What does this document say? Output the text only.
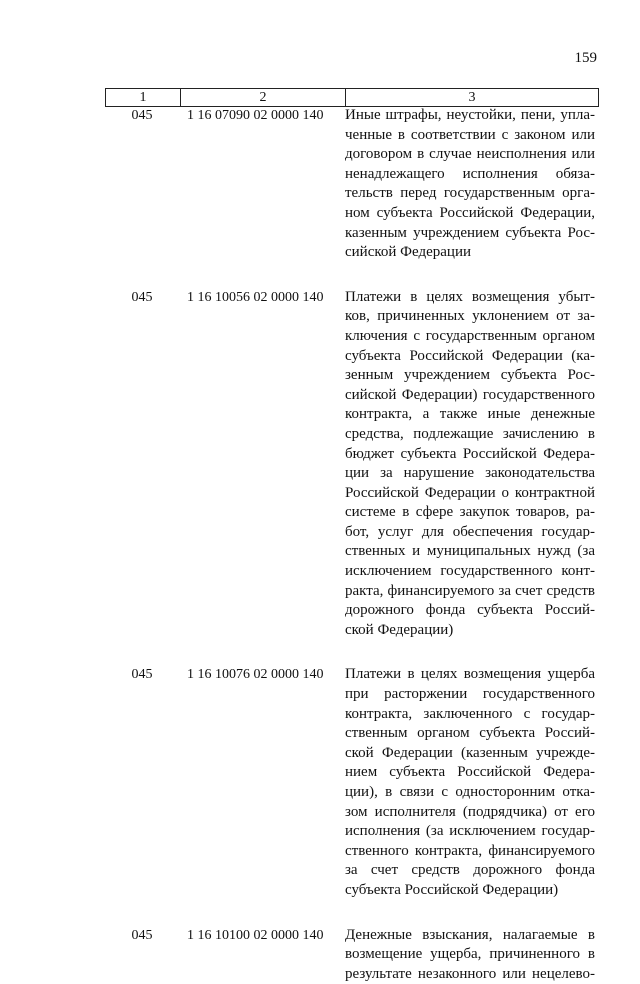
159
1	2	3
045	1 16 07090 02 0000 140	Иные штрафы, неустойки, пени, упла-
ченные в соответствии с законом или
договором в случае неисполнения или
ненадлежащего исполнения обяза-
тельств перед государственным орга-
ном субъекта Российской Федерации,
казенным учреждением субъекта Рос-
сийской Федерации
045	1 16 10056 02 0000 140	Платежи в целях возмещения убыт-
ков, причиненных уклонением от за-
ключения с государственным органом
субъекта Российской Федерации (ка-
зенным учреждением субъекта Рос-
сийской Федерации) государственного
контракта, а также иные денежные
средства, подлежащие зачислению в
бюджет субъекта Российской Федера-
ции за нарушение законодательства
Российской Федерации о контрактной
системе в сфере закупок товаров, ра-
бот, услуг для обеспечения государ-
ственных и муниципальных нужд (за
исключением государственного конт-
ракта, финансируемого за счет средств
дорожного фонда субъекта Россий-
ской Федерации)
045	1 16 10076 02 0000 140	Платежи в целях возмещения ущерба
при расторжении государственного
контракта, заключенного с государ-
ственным органом субъекта Россий-
ской Федерации (казенным учрежде-
нием субъекта Российской Федера-
ции), в связи с односторонним отка-
зом исполнителя (подрядчика) от его
исполнения (за исключением государ-
ственного контракта, финансируемого
за счет средств дорожного фонда
субъекта Российской Федерации)
045	1 16 10100 02 0000 140	Денежные взыскания, налагаемые в
возмещение ущерба, причиненного в
результате незаконного или нецелево-
